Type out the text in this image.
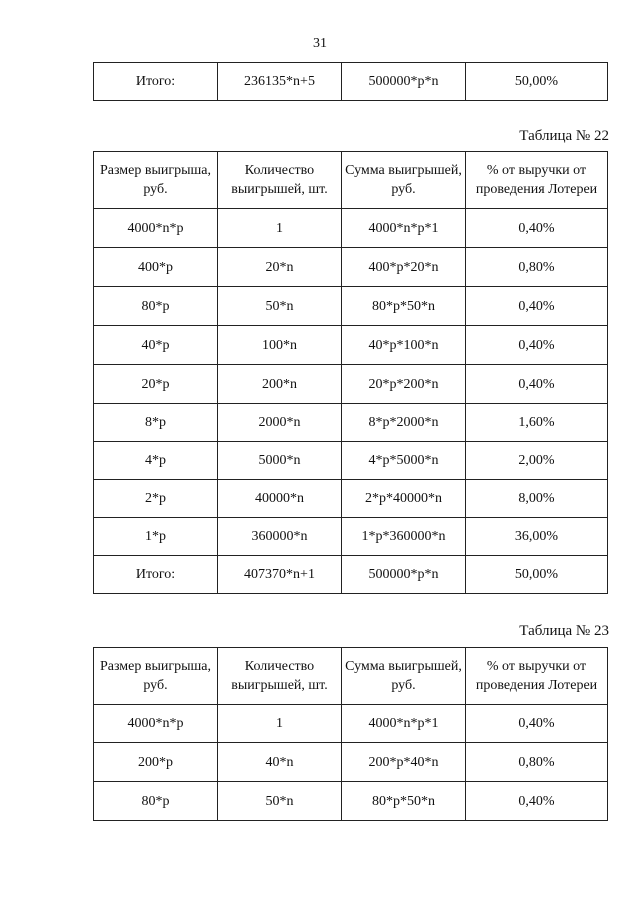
31
Итого:	236135*n+5	500000*p*n	50,00%
Таблица № 22
Размер выигрыша, руб.	Количество выигрышей, шт.	Сумма выигрышей, руб.	% от выручки от проведения Лотереи
4000*n*p	1	4000*n*p*1	0,40%
400*p	20*n	400*p*20*n	0,80%
80*p	50*n	80*p*50*n	0,40%
40*p	100*n	40*p*100*n	0,40%
20*p	200*n	20*p*200*n	0,40%
8*p	2000*n	8*p*2000*n	1,60%
4*p	5000*n	4*p*5000*n	2,00%
2*p	40000*n	2*p*40000*n	8,00%
1*p	360000*n	1*p*360000*n	36,00%
Итого:	407370*n+1	500000*p*n	50,00%
Таблица № 23
Размер выигрыша, руб.	Количество выигрышей, шт.	Сумма выигрышей, руб.	% от выручки от проведения Лотереи
4000*n*p	1	4000*n*p*1	0,40%
200*p	40*n	200*p*40*n	0,80%
80*p	50*n	80*p*50*n	0,40%
